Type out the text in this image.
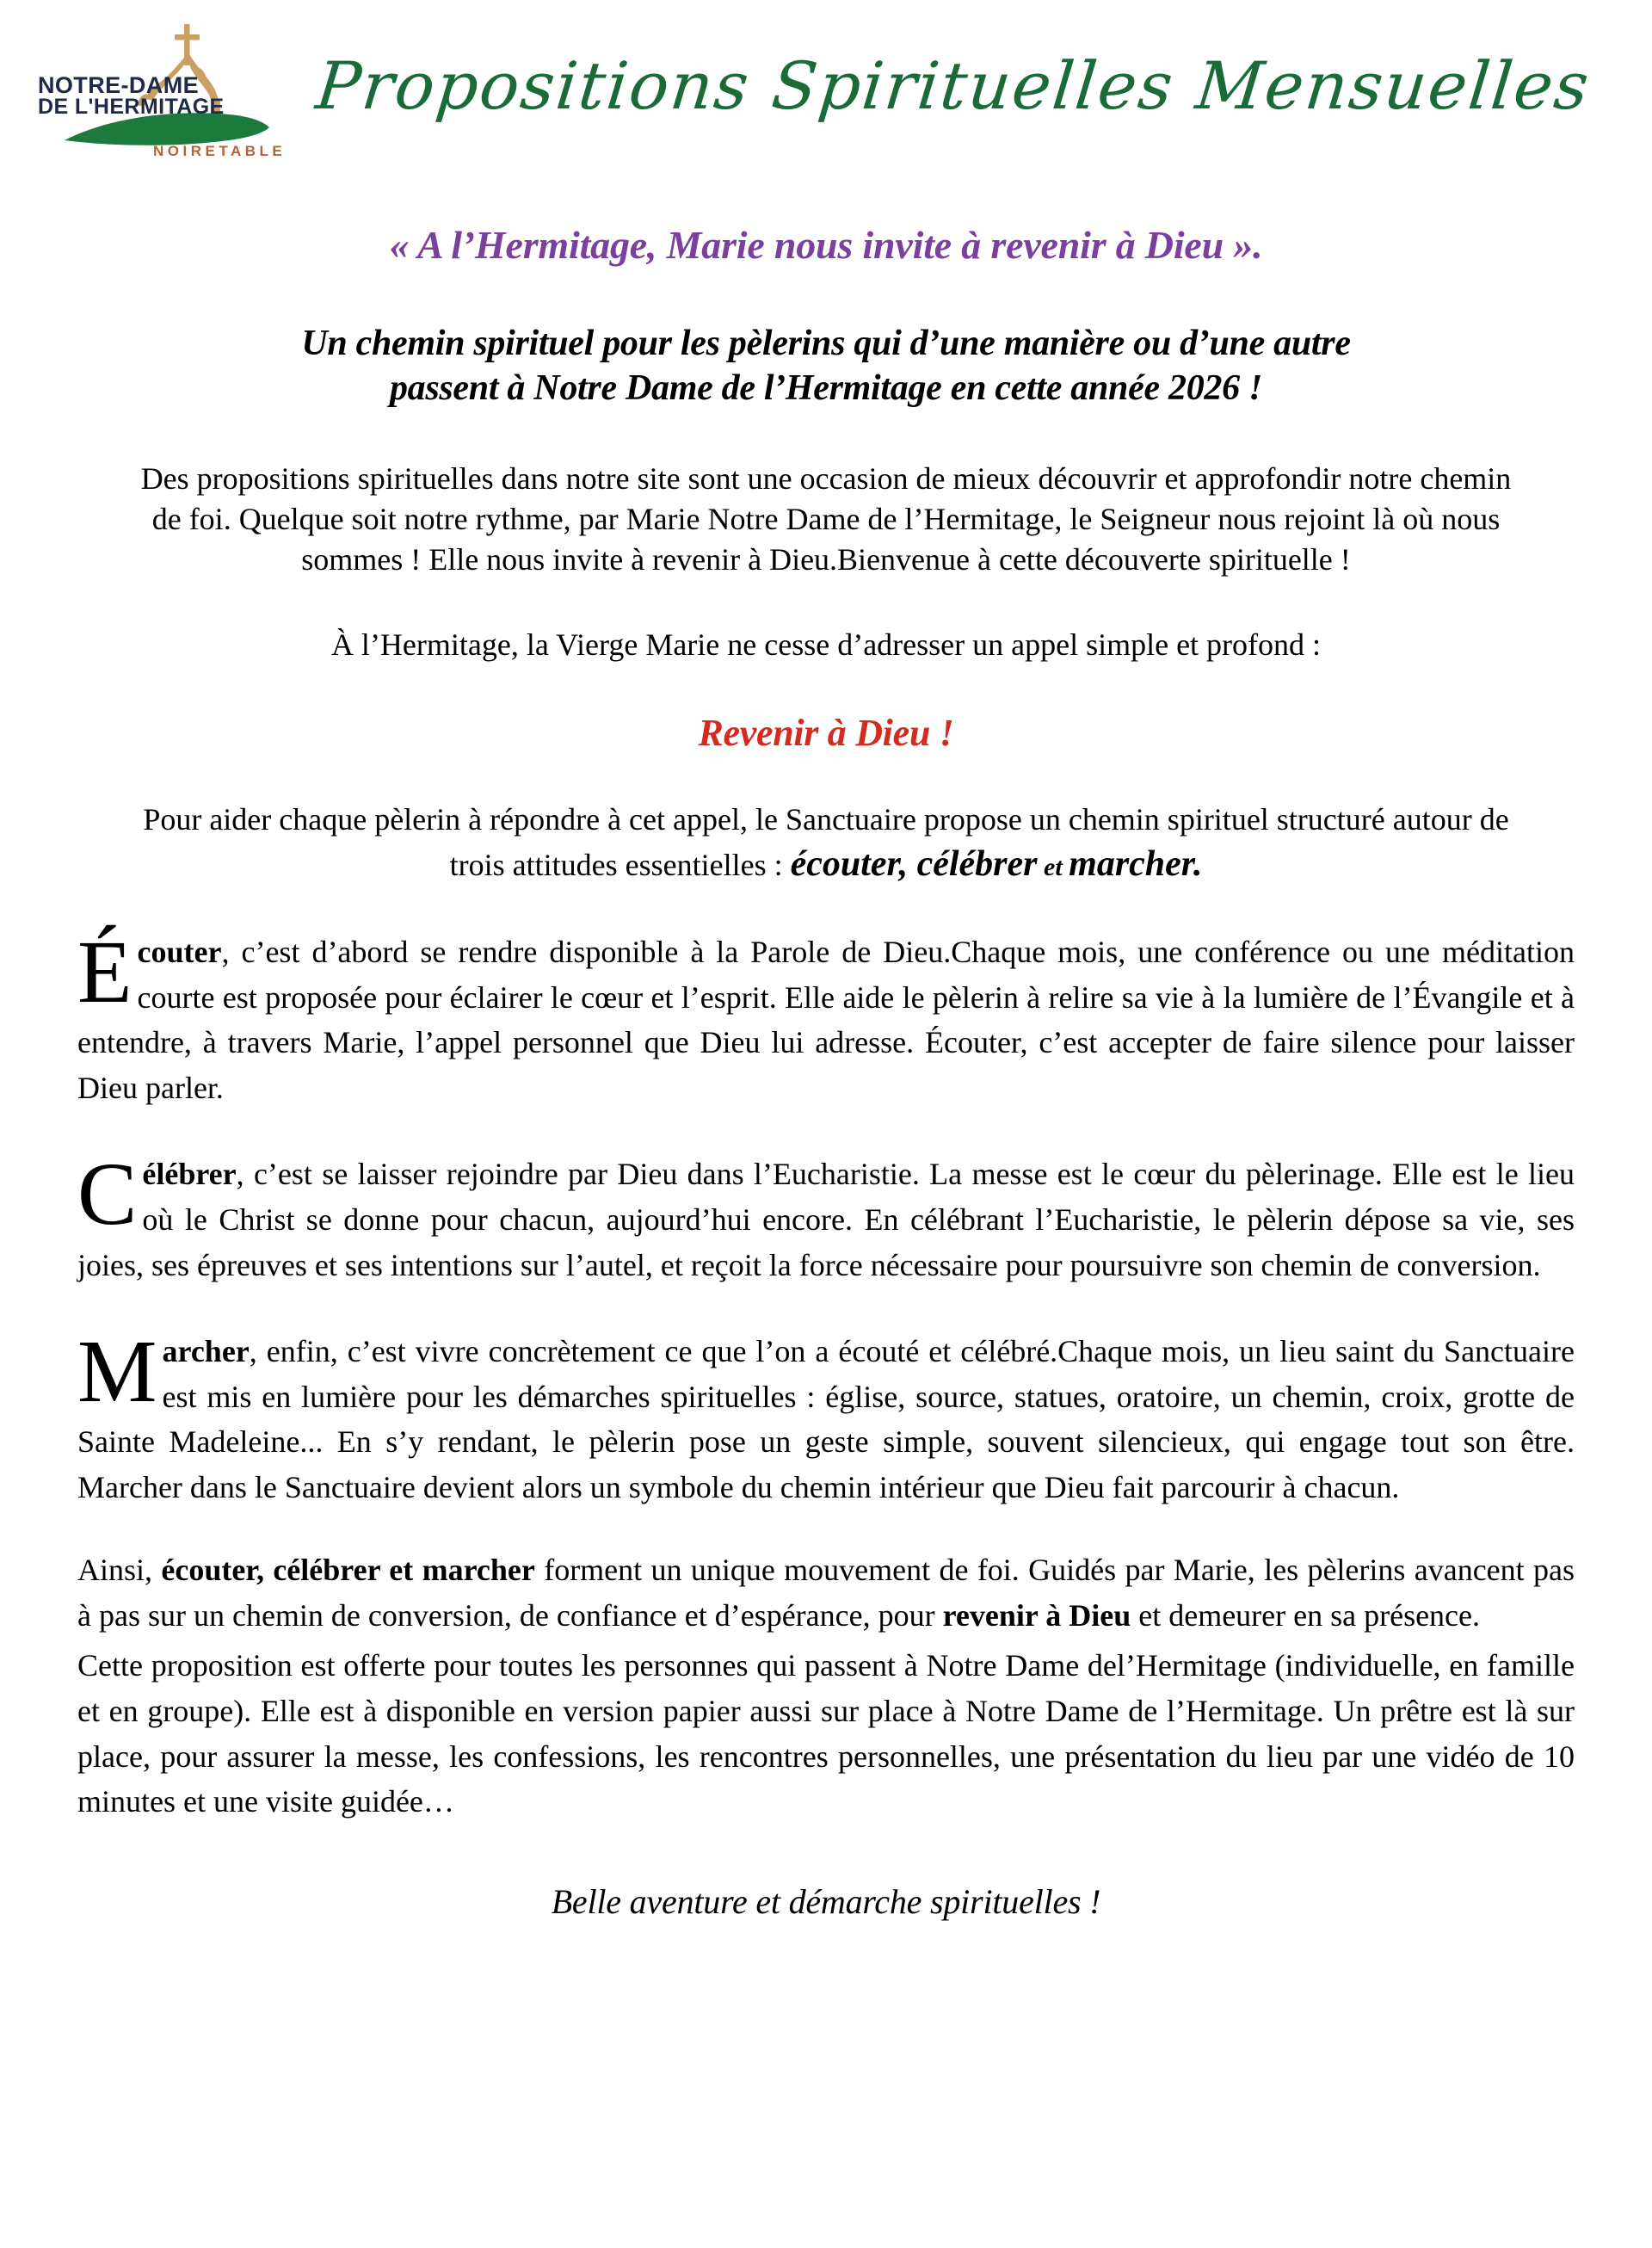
NOTRE-DAME
DE L'HERMITAGE
NOIRETABLE
Propositions Spirituelles Mensuelles
« A l’Hermitage, Marie nous invite à revenir à Dieu ».
Un chemin spirituel pour les pèlerins qui d’une manière ou d’une autre
passent à Notre Dame de l’Hermitage en cette année 2026 !

Des propositions spirituelles dans notre site sont une occasion de mieux découvrir et approfondir notre chemin de foi. Quelque soit notre rythme, par Marie Notre Dame de l’Hermitage, le Seigneur nous rejoint là où nous sommes ! Elle nous invite à revenir à Dieu.Bienvenue à cette découverte spirituelle !

À l’Hermitage, la Vierge Marie ne cesse d’adresser un appel simple et profond :

Revenir à Dieu !

Pour aider chaque pèlerin à répondre à cet appel, le Sanctuaire propose un chemin spirituel structuré autour de trois attitudes essentielles : écouter, célébrer et marcher.

Écouter, c’est d’abord se rendre disponible à la Parole de Dieu.Chaque mois, une conférence ou une méditation courte est proposée pour éclairer le cœur et l’esprit. Elle aide le pèlerin à relire sa vie à la lumière de l’Évangile et à entendre, à travers Marie, l’appel personnel que Dieu lui adresse. Écouter, c’est accepter de faire silence pour laisser Dieu parler.

Célébrer, c’est se laisser rejoindre par Dieu dans l’Eucharistie. La messe est le cœur du pèlerinage. Elle est le lieu où le Christ se donne pour chacun, aujourd’hui encore. En célébrant l’Eucharistie, le pèlerin dépose sa vie, ses joies, ses épreuves et ses intentions sur l’autel, et reçoit la force nécessaire pour poursuivre son chemin de conversion.

Marcher, enfin, c’est vivre concrètement ce que l’on a écouté et célébré.Chaque mois, un lieu saint du Sanctuaire est mis en lumière pour les démarches spirituelles : église, source, statues, oratoire, un chemin, croix, grotte de Sainte Madeleine... En s’y rendant, le pèlerin pose un geste simple, souvent silencieux, qui engage tout son être. Marcher dans le Sanctuaire devient alors un symbole du chemin intérieur que Dieu fait parcourir à chacun.

Ainsi, écouter, célébrer et marcher forment un unique mouvement de foi. Guidés par Marie, les pèlerins avancent pas à pas sur un chemin de conversion, de confiance et d’espérance, pour revenir à Dieu et demeurer en sa présence.

Cette proposition est offerte pour toutes les personnes qui passent à Notre Dame del’Hermitage (individuelle, en famille et en groupe). Elle est à disponible en version papier aussi sur place à Notre Dame de l’Hermitage. Un prêtre est là sur place, pour assurer la messe, les confessions, les rencontres personnelles, une présentation du lieu par une vidéo de 10 minutes et une visite guidée…

Belle aventure et démarche spirituelles !
